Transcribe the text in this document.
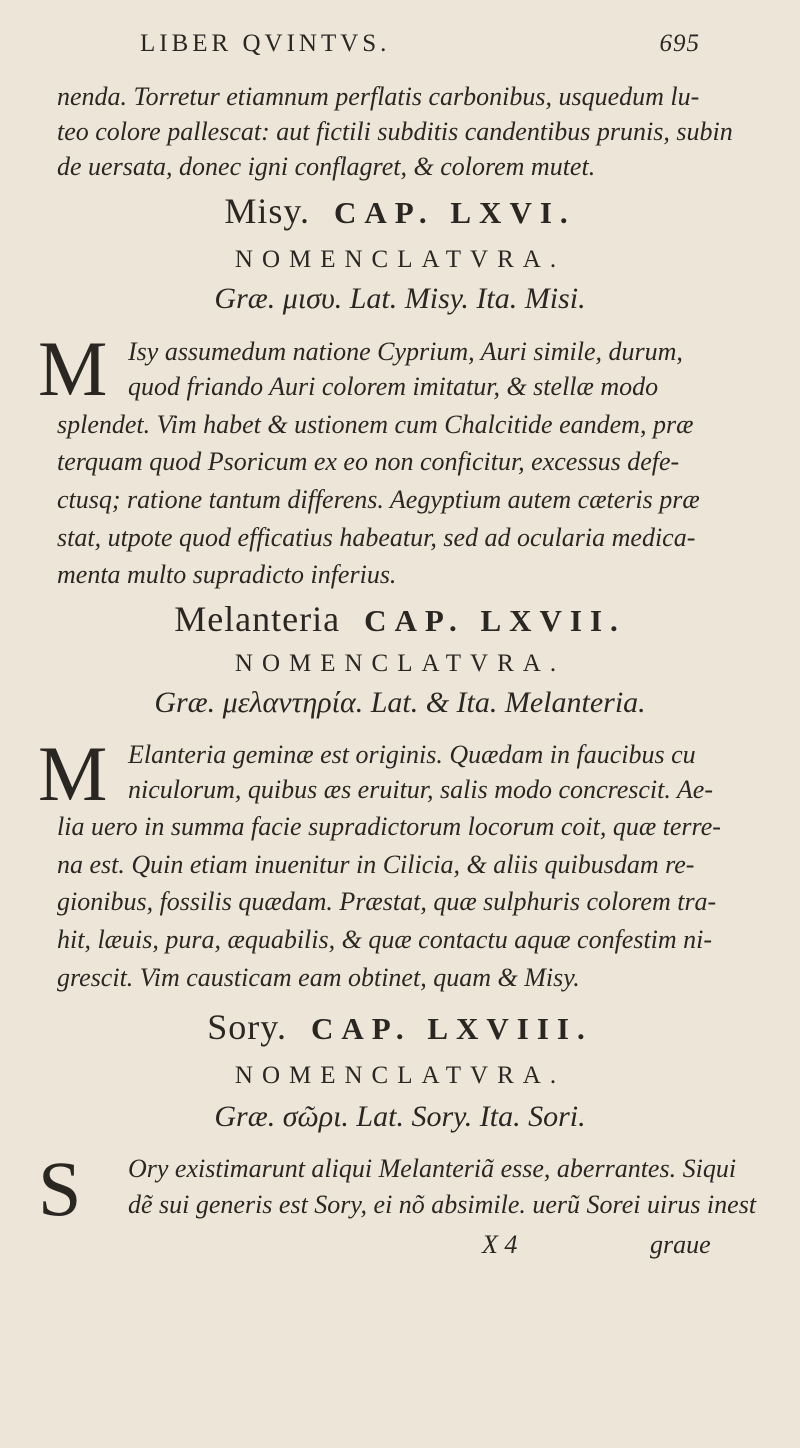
LIBER QVINTVS.	695
nenda. Torretur etiamnum perflatis carbonibus, usquedum lu-
teo colore pallescat: aut fictili subditis candentibus prunis, subin
de uersata, donec igni conflagret, & colorem mutet.
Misy. CAP. LXVI.
NOMENCLATVRA.
Græ. μισυ. Lat. Misy. Ita. Misi.
M Isy assumedum natione Cyprium, Auri simile, durum,
quod friando Auri colorem imitatur, & stellæ modo
splendet. Vim habet & ustionem cum Chalcitide eandem, præ
terquam quod Psoricum ex eo non conficitur, excessus defe-
ctusq; ratione tantum differens. Aegyptium autem cæteris præ
stat, utpote quod efficatius habeatur, sed ad ocularia medica-
menta multo supradicto inferius.
Melanteria CAP. LXVII.
NOMENCLATVRA.
Græ. μελαντηρία. Lat. & Ita. Melanteria.
M Elanteria geminæ est originis. Quædam in faucibus cu
niculorum, quibus æs eruitur, salis modo concrescit. Ae-
lia uero in summa facie supradictorum locorum coit, quæ terre-
na est. Quin etiam inuenitur in Cilicia, & aliis quibusdam re-
gionibus, fossilis quædam. Præstat, quæ sulphuris colorem tra-
hit, læuis, pura, æquabilis, & quæ contactu aquæ confestim ni-
grescit. Vim causticam eam obtinet, quam & Misy.
Sory. CAP. LXVIII.
NOMENCLATVRA.
Græ. σῶρι. Lat. Sory. Ita. Sori.
S Ory existimarunt aliqui Melanteriã esse, aberrantes. Siqui
dẽ sui generis est Sory, ei nõ absimile. uerũ Sorei uirus inest
X 4	graue
